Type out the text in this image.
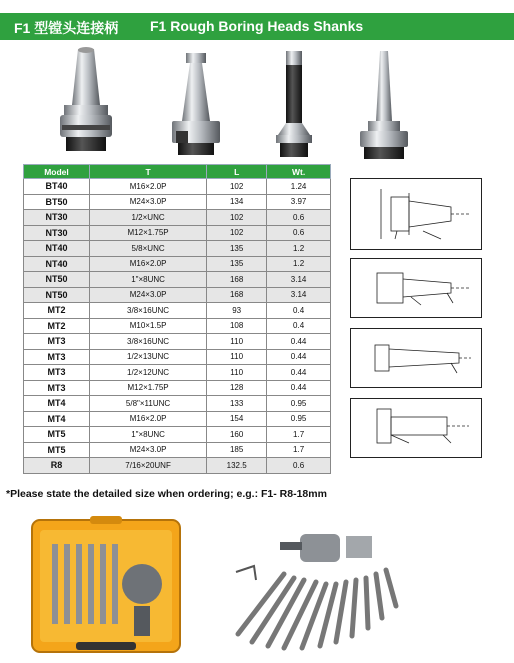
F1 型镗头连接柄 F1 Rough Boring Heads Shanks
Model	T	L	Wt.
BT40	M16×2.0P	102	1.24
BT50	M24×3.0P	134	3.97
NT30	1/2×UNC	102	0.6
NT30	M12×1.75P	102	0.6
NT40	5/8×UNC	135	1.2
NT40	M16×2.0P	135	1.2
NT50	1"×8UNC	168	3.14
NT50	M24×3.0P	168	3.14
MT2	3/8×16UNC	93	0.4
MT2	M10×1.5P	108	0.4
MT3	3/8×16UNC	110	0.44
MT3	1/2×13UNC	110	0.44
MT3	1/2×12UNC	110	0.44
MT3	M12×1.75P	128	0.44
MT4	5/8"×11UNC	133	0.95
MT4	M16×2.0P	154	0.95
MT5	1"×8UNC	160	1.7
MT5	M24×3.0P	185	1.7
R8	7/16×20UNF	132.5	0.6
*Please state the detailed size when ordering; e.g.: F1- R8-18mm
